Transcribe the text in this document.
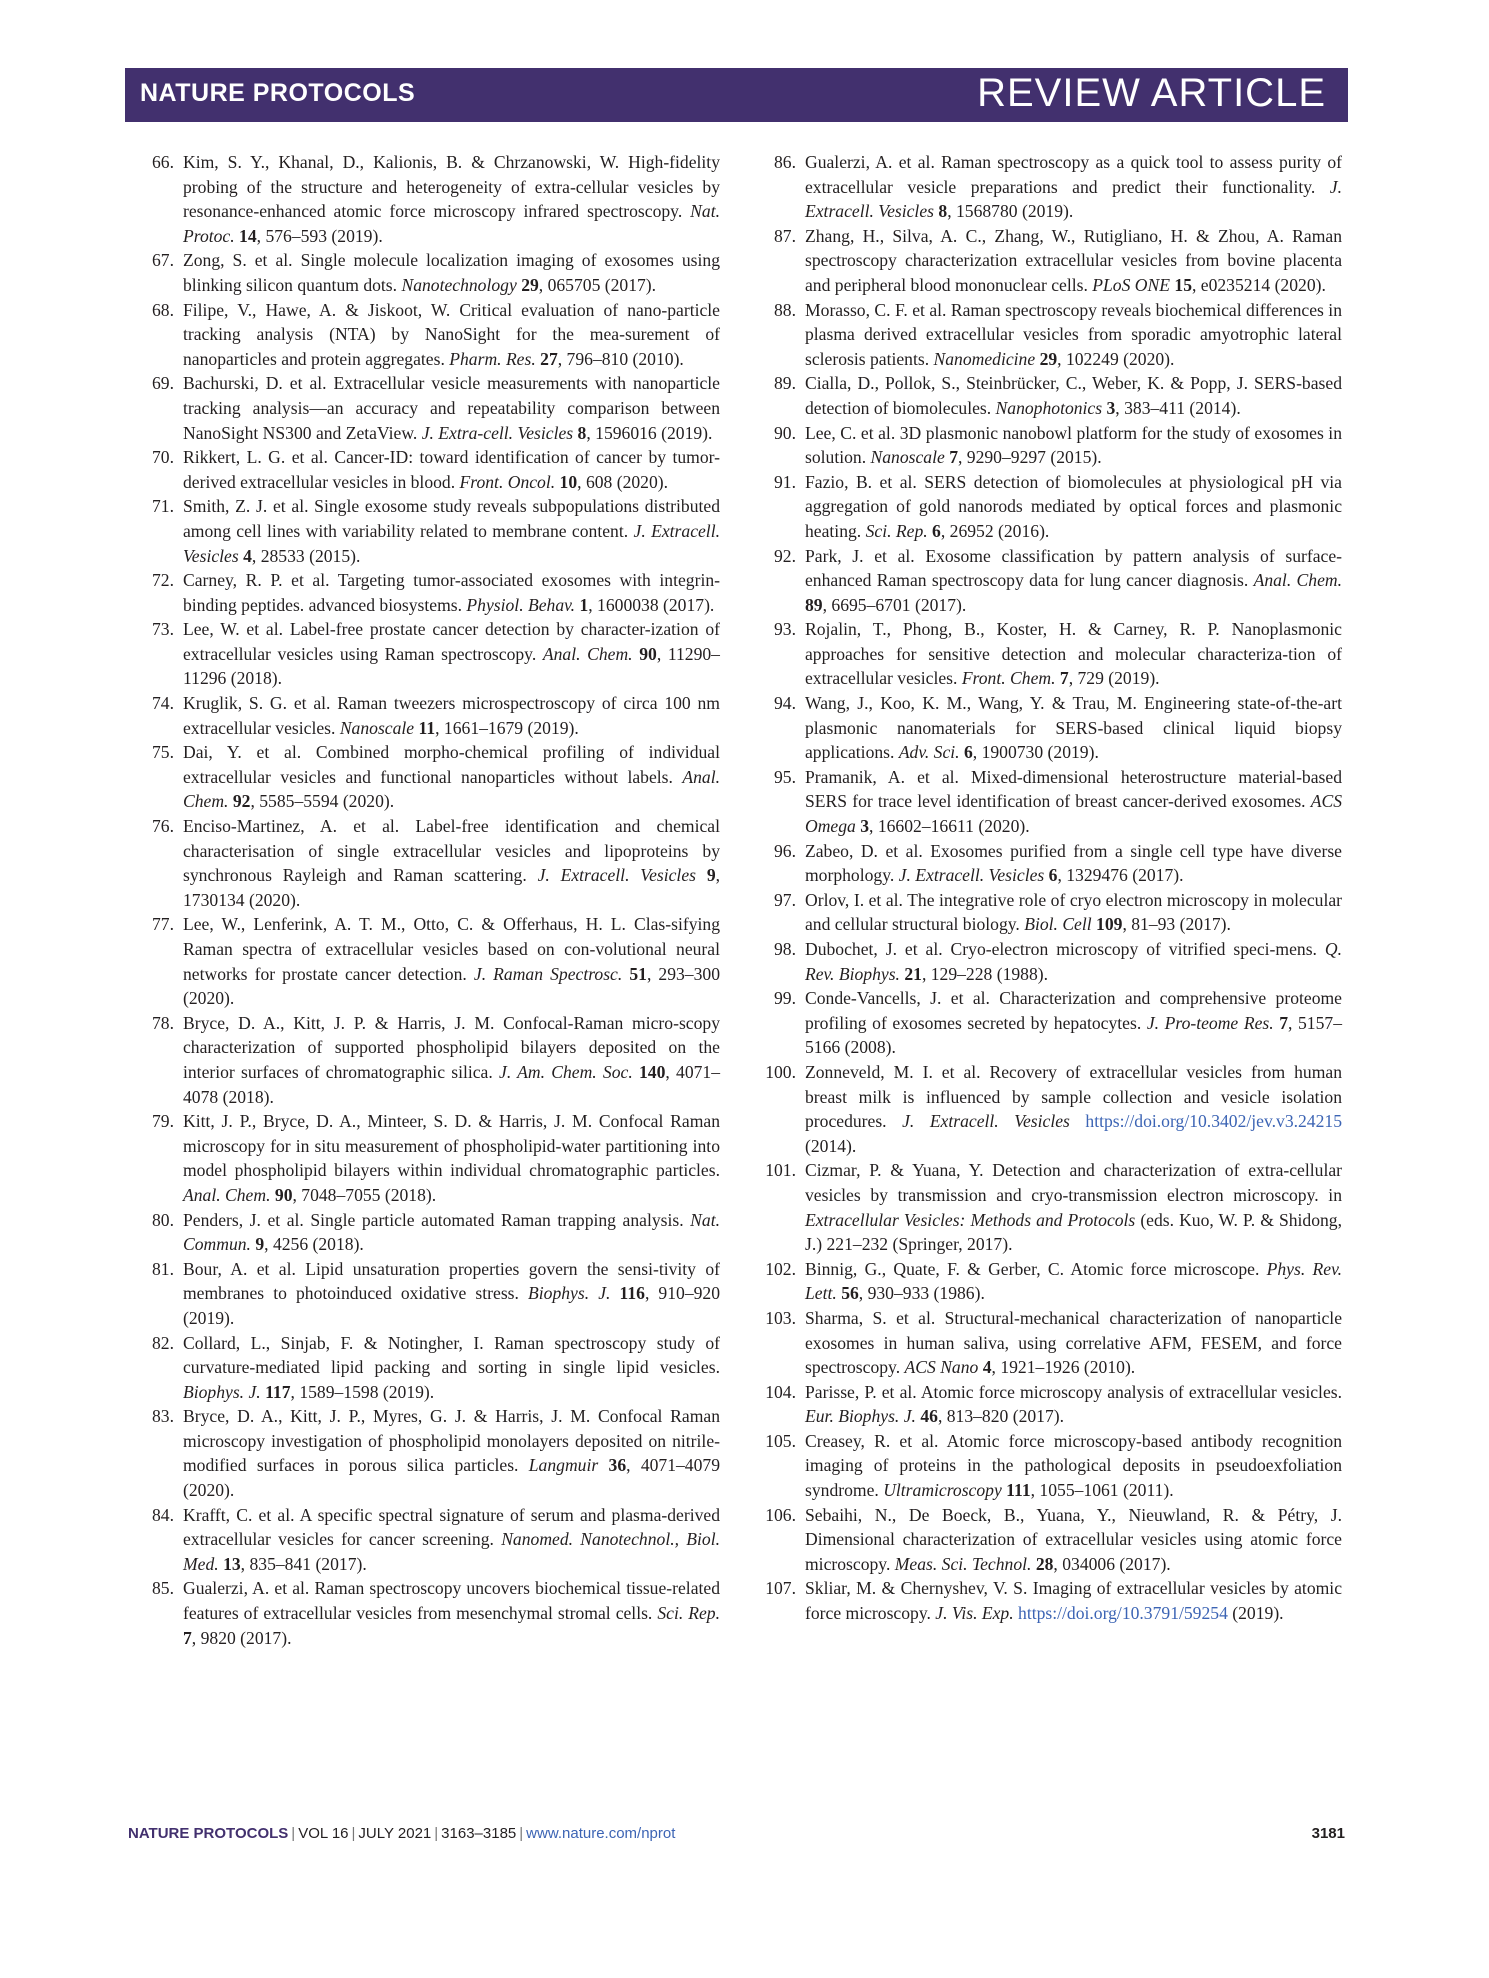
NATURE PROTOCOLS	REVIEW ARTICLE
66. Kim, S. Y., Khanal, D., Kalionis, B. & Chrzanowski, W. High-fidelity probing of the structure and heterogeneity of extra-cellular vesicles by resonance-enhanced atomic force microscopy infrared spectroscopy. Nat. Protoc. 14, 576–593 (2019).
67. Zong, S. et al. Single molecule localization imaging of exosomes using blinking silicon quantum dots. Nanotechnology 29, 065705 (2017).
68. Filipe, V., Hawe, A. & Jiskoot, W. Critical evaluation of nano-particle tracking analysis (NTA) by NanoSight for the mea-surement of nanoparticles and protein aggregates. Pharm. Res. 27, 796–810 (2010).
69. Bachurski, D. et al. Extracellular vesicle measurements with nanoparticle tracking analysis—an accuracy and repeatability comparison between NanoSight NS300 and ZetaView. J. Extra-cell. Vesicles 8, 1596016 (2019).
70. Rikkert, L. G. et al. Cancer-ID: toward identification of cancer by tumor-derived extracellular vesicles in blood. Front. Oncol. 10, 608 (2020).
71. Smith, Z. J. et al. Single exosome study reveals subpopulations distributed among cell lines with variability related to membrane content. J. Extracell. Vesicles 4, 28533 (2015).
72. Carney, R. P. et al. Targeting tumor-associated exosomes with integrin-binding peptides. advanced biosystems. Physiol. Behav. 1, 1600038 (2017).
73. Lee, W. et al. Label-free prostate cancer detection by character-ization of extracellular vesicles using Raman spectroscopy. Anal. Chem. 90, 11290–11296 (2018).
74. Kruglik, S. G. et al. Raman tweezers microspectroscopy of circa 100 nm extracellular vesicles. Nanoscale 11, 1661–1679 (2019).
75. Dai, Y. et al. Combined morpho-chemical profiling of individual extracellular vesicles and functional nanoparticles without labels. Anal. Chem. 92, 5585–5594 (2020).
76. Enciso-Martinez, A. et al. Label-free identification and chemical characterisation of single extracellular vesicles and lipoproteins by synchronous Rayleigh and Raman scattering. J. Extracell. Vesicles 9, 1730134 (2020).
77. Lee, W., Lenferink, A. T. M., Otto, C. & Offerhaus, H. L. Clas-sifying Raman spectra of extracellular vesicles based on con-volutional neural networks for prostate cancer detection. J. Raman Spectrosc. 51, 293–300 (2020).
78. Bryce, D. A., Kitt, J. P. & Harris, J. M. Confocal-Raman micro-scopy characterization of supported phospholipid bilayers deposited on the interior surfaces of chromatographic silica. J. Am. Chem. Soc. 140, 4071–4078 (2018).
79. Kitt, J. P., Bryce, D. A., Minteer, S. D. & Harris, J. M. Confocal Raman microscopy for in situ measurement of phospholipid-water partitioning into model phospholipid bilayers within individual chromatographic particles. Anal. Chem. 90, 7048–7055 (2018).
80. Penders, J. et al. Single particle automated Raman trapping analysis. Nat. Commun. 9, 4256 (2018).
81. Bour, A. et al. Lipid unsaturation properties govern the sensi-tivity of membranes to photoinduced oxidative stress. Biophys. J. 116, 910–920 (2019).
82. Collard, L., Sinjab, F. & Notingher, I. Raman spectroscopy study of curvature-mediated lipid packing and sorting in single lipid vesicles. Biophys. J. 117, 1589–1598 (2019).
83. Bryce, D. A., Kitt, J. P., Myres, G. J. & Harris, J. M. Confocal Raman microscopy investigation of phospholipid monolayers deposited on nitrile-modified surfaces in porous silica particles. Langmuir 36, 4071–4079 (2020).
84. Krafft, C. et al. A specific spectral signature of serum and plasma-derived extracellular vesicles for cancer screening. Nanomed. Nanotechnol., Biol. Med. 13, 835–841 (2017).
85. Gualerzi, A. et al. Raman spectroscopy uncovers biochemical tissue-related features of extracellular vesicles from mesenchymal stromal cells. Sci. Rep. 7, 9820 (2017).
86. Gualerzi, A. et al. Raman spectroscopy as a quick tool to assess purity of extracellular vesicle preparations and predict their functionality. J. Extracell. Vesicles 8, 1568780 (2019).
87. Zhang, H., Silva, A. C., Zhang, W., Rutigliano, H. & Zhou, A. Raman spectroscopy characterization extracellular vesicles from bovine placenta and peripheral blood mononuclear cells. PLoS ONE 15, e0235214 (2020).
88. Morasso, C. F. et al. Raman spectroscopy reveals biochemical differences in plasma derived extracellular vesicles from sporadic amyotrophic lateral sclerosis patients. Nanomedicine 29, 102249 (2020).
89. Cialla, D., Pollok, S., Steinbrücker, C., Weber, K. & Popp, J. SERS-based detection of biomolecules. Nanophotonics 3, 383–411 (2014).
90. Lee, C. et al. 3D plasmonic nanobowl platform for the study of exosomes in solution. Nanoscale 7, 9290–9297 (2015).
91. Fazio, B. et al. SERS detection of biomolecules at physiological pH via aggregation of gold nanorods mediated by optical forces and plasmonic heating. Sci. Rep. 6, 26952 (2016).
92. Park, J. et al. Exosome classification by pattern analysis of surface-enhanced Raman spectroscopy data for lung cancer diagnosis. Anal. Chem. 89, 6695–6701 (2017).
93. Rojalin, T., Phong, B., Koster, H. & Carney, R. P. Nanoplasmonic approaches for sensitive detection and molecular characteriza-tion of extracellular vesicles. Front. Chem. 7, 729 (2019).
94. Wang, J., Koo, K. M., Wang, Y. & Trau, M. Engineering state-of-the-art plasmonic nanomaterials for SERS-based clinical liquid biopsy applications. Adv. Sci. 6, 1900730 (2019).
95. Pramanik, A. et al. Mixed-dimensional heterostructure material-based SERS for trace level identification of breast cancer-derived exosomes. ACS Omega 3, 16602–16611 (2020).
96. Zabeo, D. et al. Exosomes purified from a single cell type have diverse morphology. J. Extracell. Vesicles 6, 1329476 (2017).
97. Orlov, I. et al. The integrative role of cryo electron microscopy in molecular and cellular structural biology. Biol. Cell 109, 81–93 (2017).
98. Dubochet, J. et al. Cryo-electron microscopy of vitrified speci-mens. Q. Rev. Biophys. 21, 129–228 (1988).
99. Conde-Vancells, J. et al. Characterization and comprehensive proteome profiling of exosomes secreted by hepatocytes. J. Pro-teome Res. 7, 5157–5166 (2008).
100. Zonneveld, M. I. et al. Recovery of extracellular vesicles from human breast milk is influenced by sample collection and vesicle isolation procedures. J. Extracell. Vesicles https://doi.org/10.3402/jev.v3.24215 (2014).
101. Cizmar, P. & Yuana, Y. Detection and characterization of extra-cellular vesicles by transmission and cryo-transmission electron microscopy. in Extracellular Vesicles: Methods and Protocols (eds. Kuo, W. P. & Shidong, J.) 221–232 (Springer, 2017).
102. Binnig, G., Quate, F. & Gerber, C. Atomic force microscope. Phys. Rev. Lett. 56, 930–933 (1986).
103. Sharma, S. et al. Structural-mechanical characterization of nanoparticle exosomes in human saliva, using correlative AFM, FESEM, and force spectroscopy. ACS Nano 4, 1921–1926 (2010).
104. Parisse, P. et al. Atomic force microscopy analysis of extracellular vesicles. Eur. Biophys. J. 46, 813–820 (2017).
105. Creasey, R. et al. Atomic force microscopy-based antibody recognition imaging of proteins in the pathological deposits in pseudoexfoliation syndrome. Ultramicroscopy 111, 1055–1061 (2011).
106. Sebaihi, N., De Boeck, B., Yuana, Y., Nieuwland, R. & Pétry, J. Dimensional characterization of extracellular vesicles using atomic force microscopy. Meas. Sci. Technol. 28, 034006 (2017).
107. Skliar, M. & Chernyshev, V. S. Imaging of extracellular vesicles by atomic force microscopy. J. Vis. Exp. https://doi.org/10.3791/59254 (2019).
NATURE PROTOCOLS | VOL 16 | JULY 2021 | 3163–3185 | www.nature.com/nprot	3181
